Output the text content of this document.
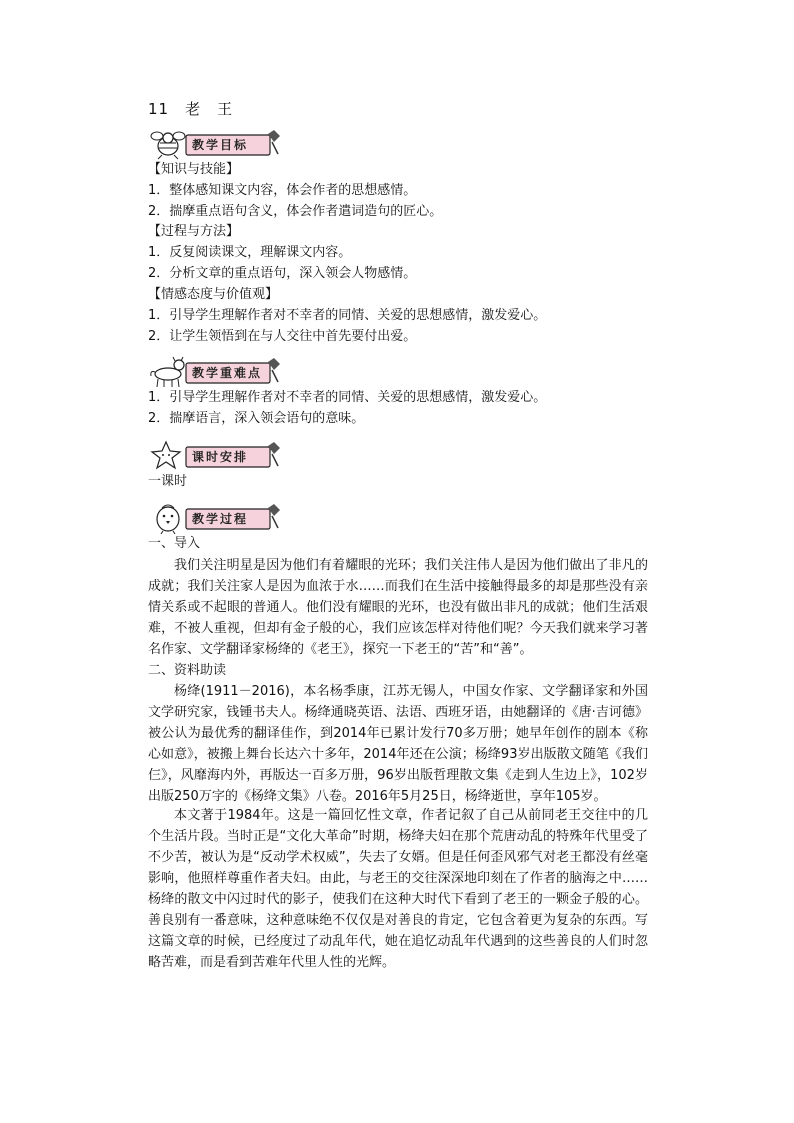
11　老　王
教学目标
【知识与技能】
1．整体感知课文内容，体会作者的思想感情。
2．揣摩重点语句含义，体会作者遣词造句的匠心。
【过程与方法】
1．反复阅读课文，理解课文内容。
2．分析文章的重点语句，深入领会人物感情。
【情感态度与价值观】
1．引导学生理解作者对不幸者的同情、关爱的思想感情，激发爱心。
2．让学生领悟到在与人交往中首先要付出爱。
教学重难点
1．引导学生理解作者对不幸者的同情、关爱的思想感情，激发爱心。
2．揣摩语言，深入领会语句的意味。
课时安排
一课时
教学过程
一、导入

我们关注明星是因为他们有着耀眼的光环；我们关注伟人是因为他们做出了非凡的成就；我们关注家人是因为血浓于水……而我们在生活中接触得最多的却是那些没有亲情关系或不起眼的普通人。他们没有耀眼的光环，也没有做出非凡的成就；他们生活艰难，不被人重视，但却有金子般的心，我们应该怎样对待他们呢？今天我们就来学习著名作家、文学翻译家杨绛的《老王》，探究一下老王的“苦”和“善”。

二、资料助读

杨绛(1911－2016)，本名杨季康，江苏无锡人，中国女作家、文学翻译家和外国文学研究家，钱锺书夫人。杨绛通晓英语、法语、西班牙语，由她翻译的《唐·吉诃德》被公认为最优秀的翻译佳作，到2014年已累计发行70多万册；她早年创作的剧本《称心如意》，被搬上舞台长达六十多年，2014年还在公演；杨绛93岁出版散文随笔《我们仨》，风靡海内外，再版达一百多万册，96岁出版哲理散文集《走到人生边上》，102岁出版250万字的《杨绛文集》八卷。2016年5月25日，杨绛逝世，享年105岁。

本文著于1984年。这是一篇回忆性文章，作者记叙了自己从前同老王交往中的几个生活片段。当时正是“文化大革命”时期，杨绛夫妇在那个荒唐动乱的特殊年代里受了不少苦，被认为是“反动学术权威”，失去了女婿。但是任何歪风邪气对老王都没有丝毫影响，他照样尊重作者夫妇。由此，与老王的交往深深地印刻在了作者的脑海之中……杨绛的散文中闪过时代的影子，使我们在这种大时代下看到了老王的一颗金子般的心。善良别有一番意味，这种意味绝不仅仅是对善良的肯定，它包含着更为复杂的东西。写这篇文章的时候，已经度过了动乱年代，她在追忆动乱年代遇到的这些善良的人们时忽略苦难，而是看到苦难年代里人性的光辉。
